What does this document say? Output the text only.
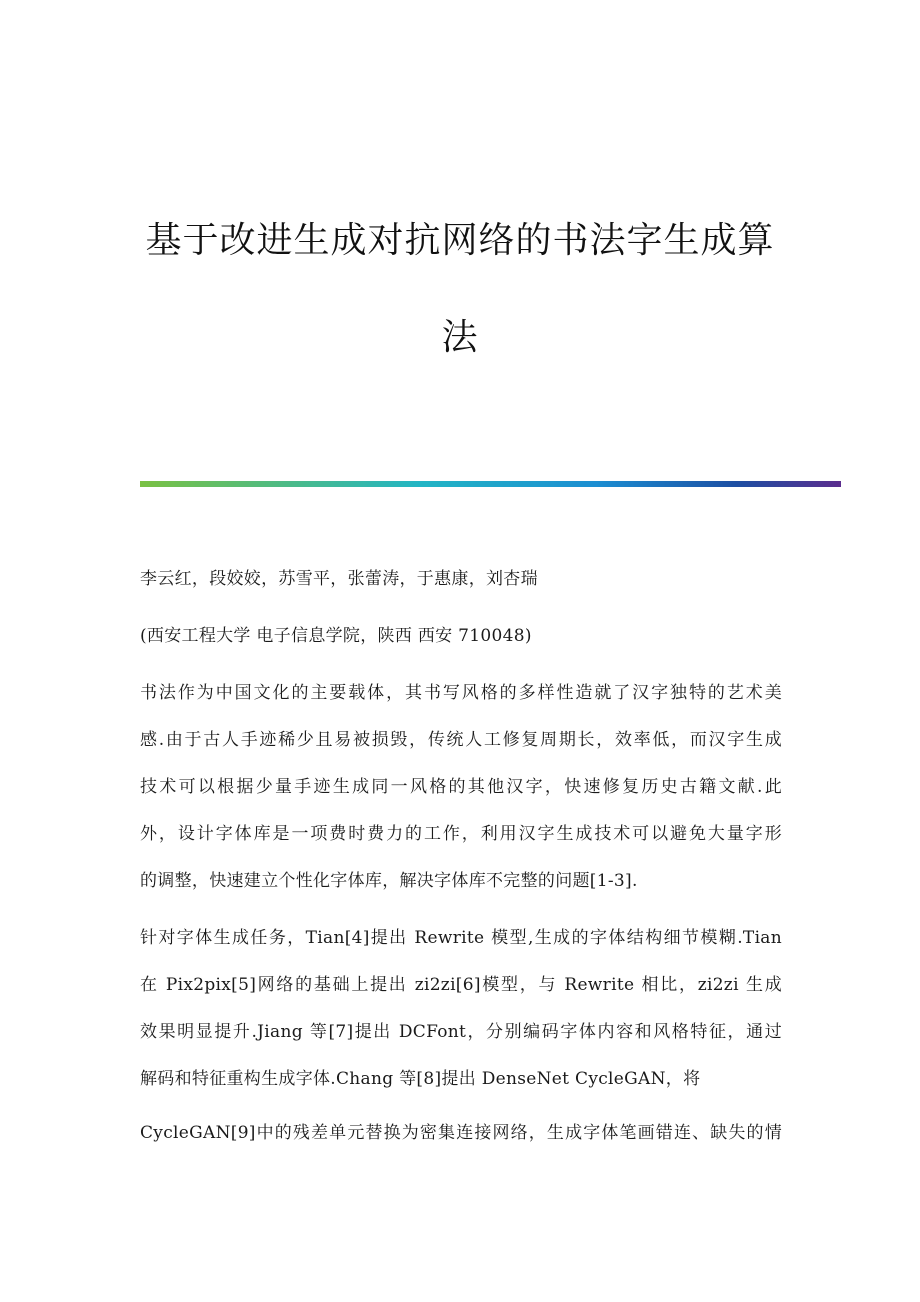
基于改进生成对抗网络的书法字生成算
法
李云红，段姣姣，苏雪平，张蕾涛，于惠康，刘杏瑞
(西安工程大学 电子信息学院，陕西 西安 710048)
书法作为中国文化的主要载体，其书写风格的多样性造就了汉字独特的艺术美
感.由于古人手迹稀少且易被损毁，传统人工修复周期长，效率低，而汉字生成
技术可以根据少量手迹生成同一风格的其他汉字，快速修复历史古籍文献.此
外，设计字体库是一项费时费力的工作，利用汉字生成技术可以避免大量字形
的调整，快速建立个性化字体库，解决字体库不完整的问题[1-3].
针对字体生成任务，Tian[4]提出 Rewrite 模型,生成的字体结构细节模糊.Tian
在 Pix2pix[5]网络的基础上提出 zi2zi[6]模型，与 Rewrite 相比，zi2zi 生成
效果明显提升.Jiang 等[7]提出 DCFont，分别编码字体内容和风格特征，通过
解码和特征重构生成字体.Chang 等[8]提出 DenseNet CycleGAN，将
CycleGAN[9]中的残差单元替换为密集连接网络，生成字体笔画错连、缺失的情
